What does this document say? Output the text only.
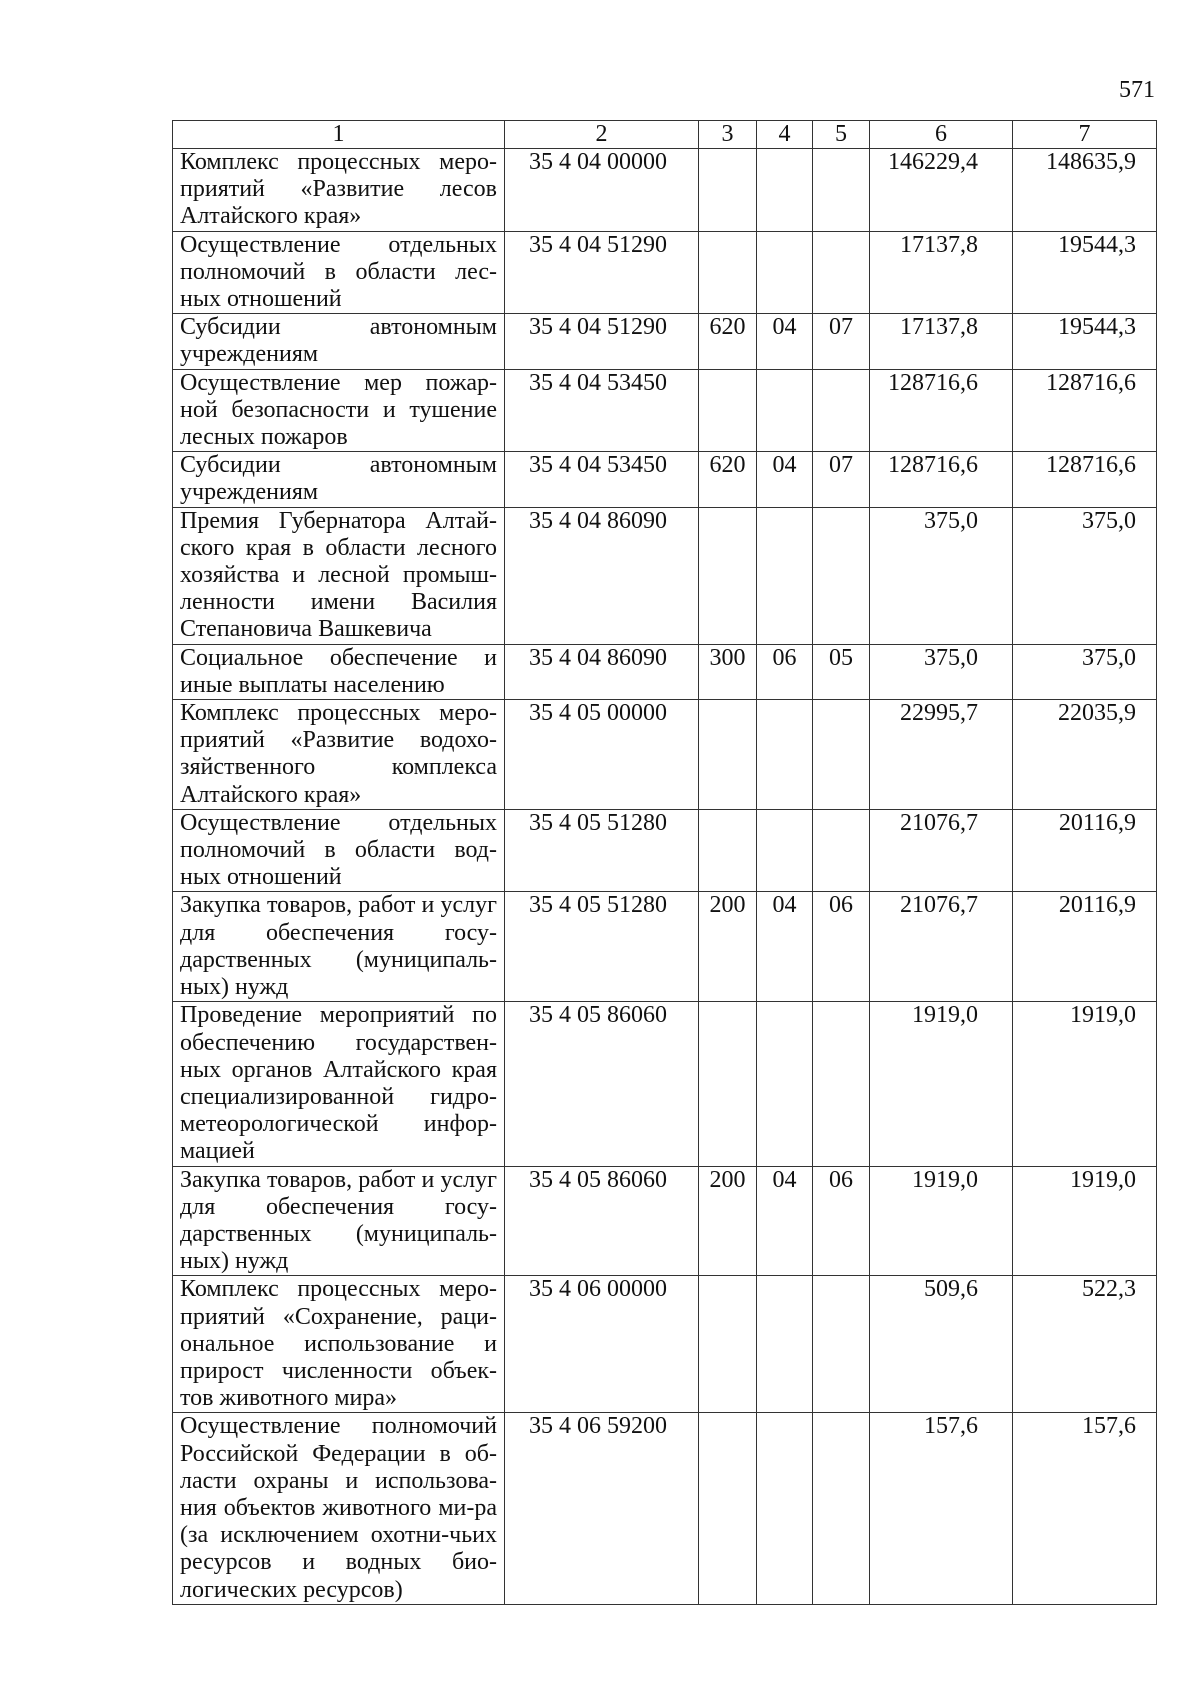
571
1	2	3	4	5	6	7
Комплекс процессных меро-приятий «Развитие лесов Алтайского края»	35 4 04 00000				146229,4	148635,9
Осуществление отдельных полномочий в области лес-ных отношений	35 4 04 51290				17137,8	19544,3
Субсидии автономным учреждениям	35 4 04 51290	620	04	07	17137,8	19544,3
Осуществление мер пожар-ной безопасности и тушение лесных пожаров	35 4 04 53450				128716,6	128716,6
Субсидии автономным учреждениям	35 4 04 53450	620	04	07	128716,6	128716,6
Премия Губернатора Алтай-ского края в области лесного хозяйства и лесной промыш-ленности имени Василия Степановича Вашкевича	35 4 04 86090				375,0	375,0
Социальное обеспечение и иные выплаты населению	35 4 04 86090	300	06	05	375,0	375,0
Комплекс процессных меро-приятий «Развитие водохо-зяйственного комплекса Алтайского края»	35 4 05 00000				22995,7	22035,9
Осуществление отдельных полномочий в области вод-ных отношений	35 4 05 51280				21076,7	20116,9
Закупка товаров, работ и услуг для обеспечения госу-дарственных (муниципаль-ных) нужд	35 4 05 51280	200	04	06	21076,7	20116,9
Проведение мероприятий по обеспечению государствен-ных органов Алтайского края специализированной гидро-метеорологической инфор-мацией	35 4 05 86060				1919,0	1919,0
Закупка товаров, работ и услуг для обеспечения госу-дарственных (муниципаль-ных) нужд	35 4 05 86060	200	04	06	1919,0	1919,0
Комплекс процессных меро-приятий «Сохранение, раци-ональное использование и прирост численности объек-тов животного мира»	35 4 06 00000				509,6	522,3
Осуществление полномочий Российской Федерации в об-ласти охраны и использова-ния объектов животного ми-ра (за исключением охотни-чьих ресурсов и водных био-логических ресурсов)	35 4 06 59200				157,6	157,6
